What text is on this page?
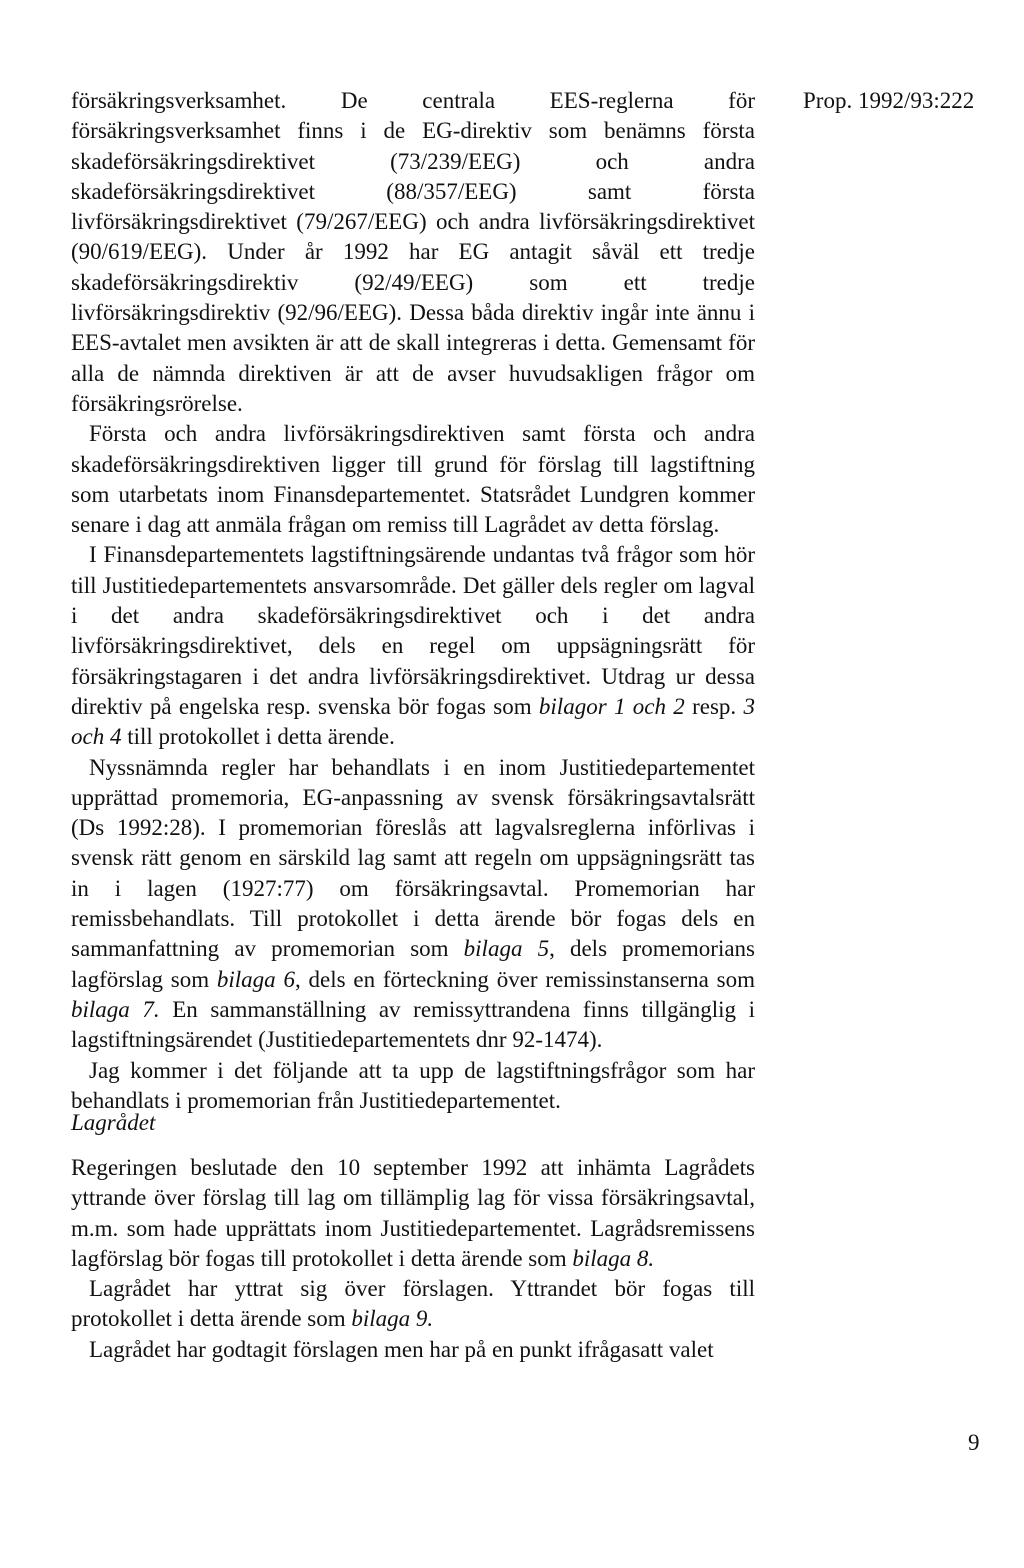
Prop. 1992/93:222

försäkringsverksamhet. De centrala EES-reglerna för försäkringsverksamhet finns i de EG-direktiv som benämns första skadeförsäkringsdirektivet (73/239/EEG) och andra skadeförsäkringsdirektivet (88/357/EEG) samt första livförsäkringsdirektivet (79/267/EEG) och andra livförsäkringsdirektivet (90/619/EEG). Under år 1992 har EG antagit såväl ett tredje skadeförsäkringsdirektiv (92/49/EEG) som ett tredje livförsäkringsdirektiv (92/96/EEG). Dessa båda direktiv ingår inte ännu i EES-avtalet men avsikten är att de skall integreras i detta. Gemensamt för alla de nämnda direktiven är att de avser huvudsakligen frågor om försäkringsrörelse.

Första och andra livförsäkringsdirektiven samt första och andra skadeförsäkringsdirektiven ligger till grund för förslag till lagstiftning som utarbetats inom Finansdepartementet. Statsrådet Lundgren kommer senare i dag att anmäla frågan om remiss till Lagrådet av detta förslag.

I Finansdepartementets lagstiftningsärende undantas två frågor som hör till Justitiedepartementets ansvarsområde. Det gäller dels regler om lagval i det andra skadeförsäkringsdirektivet och i det andra livförsäkringsdirektivet, dels en regel om uppsägningsrätt för försäkringstagaren i det andra livförsäkringsdirektivet. Utdrag ur dessa direktiv på engelska resp. svenska bör fogas som bilagor 1 och 2 resp. 3 och 4 till protokollet i detta ärende.

Nyssnämnda regler har behandlats i en inom Justitiedepartementet upprättad promemoria, EG-anpassning av svensk försäkringsavtalsrätt (Ds 1992:28). I promemorian föreslås att lagvalsreglerna införlivas i svensk rätt genom en särskild lag samt att regeln om uppsägningsrätt tas in i lagen (1927:77) om försäkringsavtal. Promemorian har remissbehandlats. Till protokollet i detta ärende bör fogas dels en sammanfattning av promemorian som bilaga 5, dels promemorians lagförslag som bilaga 6, dels en förteckning över remissinstanserna som bilaga 7. En sammanställning av remissyttrandena finns tillgänglig i lagstiftningsärendet (Justitiedepartementets dnr 92-1474).

Jag kommer i det följande att ta upp de lagstiftningsfrågor som har behandlats i promemorian från Justitiedepartementet.

Lagrådet

Regeringen beslutade den 10 september 1992 att inhämta Lagrådets yttrande över förslag till lag om tillämplig lag för vissa försäkringsavtal, m.m. som hade upprättats inom Justitiedepartementet. Lagrådsremissens lagförslag bör fogas till protokollet i detta ärende som bilaga 8.

Lagrådet har yttrat sig över förslagen. Yttrandet bör fogas till protokollet i detta ärende som bilaga 9.

Lagrådet har godtagit förslagen men har på en punkt ifrågasatt valet

9
